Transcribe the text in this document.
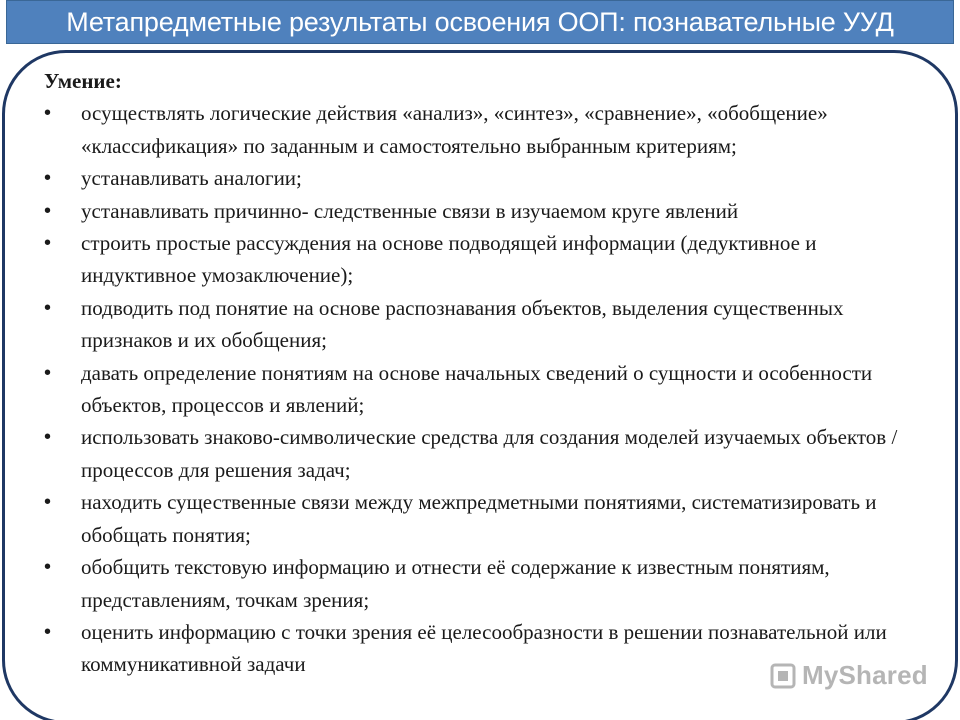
Метапредметные результаты освоения ООП: познавательные УУД

Умение:

• осуществлять логические действия «анализ», «синтез», «сравнение», «обобщение» «классификация» по заданным и самостоятельно выбранным критериям;
• устанавливать аналогии;
• устанавливать причинно- следственные связи в изучаемом круге явлений
• строить простые рассуждения на основе подводящей информации (дедуктивное и индуктивное умозаключение);
• подводить под понятие на основе распознавания объектов, выделения существенных признаков и их обобщения;
• давать определение понятиям на основе начальных сведений о сущности и особенности объектов, процессов и явлений;
• использовать знаково-символические средства для создания моделей изучаемых объектов /процессов для решения задач;
• находить существенные связи между межпредметными понятиями, систематизировать и обобщать понятия;
• обобщить текстовую информацию и отнести её содержание к известным понятиям, представлениям, точкам зрения;
• оценить информацию с точки зрения её целесообразности в решении познавательной или коммуникативной задачи	MyShared
